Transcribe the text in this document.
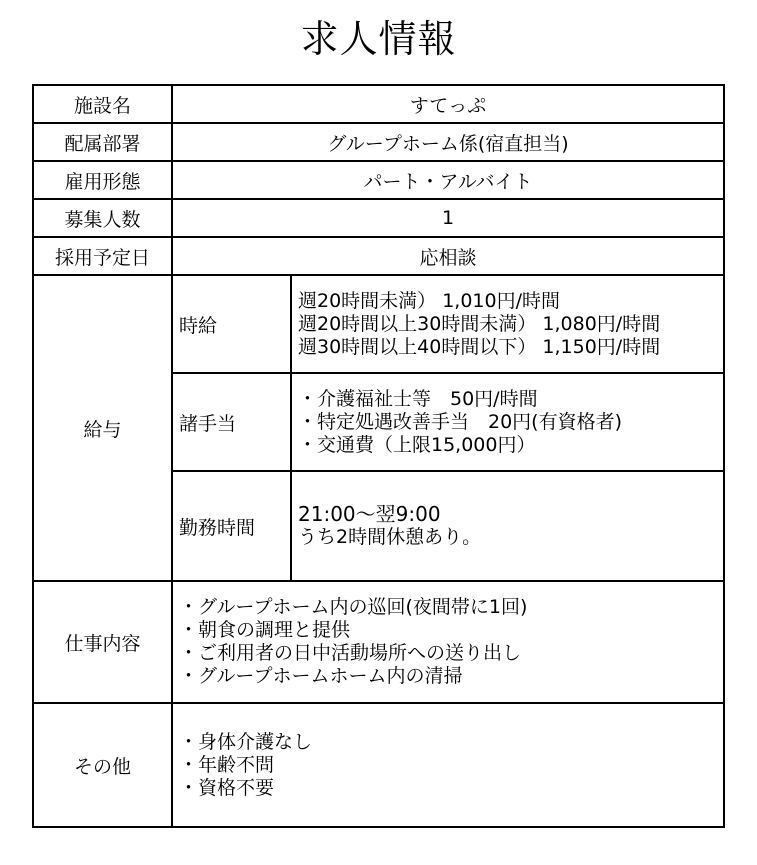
求人情報
施設名	すてっぷ	
配属部署	グループホーム係(宿直担当)	
雇用形態	パート・アルバイト	
募集人数	1	
採用予定日	応相談	
給与	時給	週20時間未満） 1,010円/時間
週20時間以上30時間未満） 1,080円/時間
週30時間以上40時間以下） 1,150円/時間

	諸手当	・介護福祉士等　50円/時間
・特定処遇改善手当　20円(有資格者)
・交通費（上限15,000円）

	勤務時間	21:00～翌9:00
うち2時間休憩あり。

仕事内容	・グループホーム内の巡回(夜間帯に1回)
・朝食の調理と提供
・ご利用者の日中活動場所への送り出し
・グループホームホーム内の清掃	

その他	・身体介護なし
・年齢不問
・資格不要	
